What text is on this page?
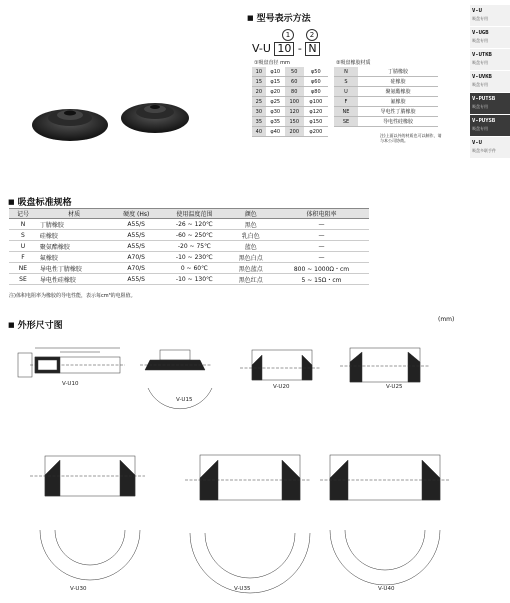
V-U
吸盘专用
V-UGB
吸盘专用
V-UTKB
吸盘专用
V-UVKB
吸盘专用
V-PUTSB
吸盘专用
V-PUYSB
吸盘专用
V-U
吸盘多联手件
■ 型号表示方法
1	2
V-U 10 - N
①吸盘直径 mm
10	φ10	50	φ50
15	φ15	60	φ60
20	φ20	80	φ80
25	φ25	100	φ100
30	φ30	120	φ120
35	φ35	150	φ150
40	φ40	200	φ200
②吸盘橡胶材质
N	丁腈橡胶
S	硅橡胶
U	聚氨酯橡胶
F	氟橡胶
NE	导电性丁腈橡胶
SE	导电性硅橡胶
注)上面以外的材质也可以制作，请与本公司协商。
■ 吸盘标准规格
记号	材质	硬度 (Hs)	使用温度范围	颜色	体积电阻率
N	丁腈橡胶	A55/S	-26 ~ 120℃	黑色	—
S	硅橡胶	A55/S	-60 ~ 250℃	乳白色	—
U	聚氨酯橡胶	A55/S	-20 ~ 75℃	蓝色	—
F	氟橡胶	A70/S	-10 ~ 230℃	黑色白点	—
NE	导电性丁腈橡胶	A70/S	0 ~ 60℃	黑色蓝点	800 ~ 1000Ω・cm
SE	导电性硅橡胶	A55/S	-10 ~ 130℃	黑色红点	5 ~ 15Ω・cm
注)体积电阻率为橡胶的导电性能，表示每cm³的电阻值。
■ 外形尺寸图
(mm)
V-U10
V-U15
V-U20	V-U25
V-U30	V-U35	V-U40
